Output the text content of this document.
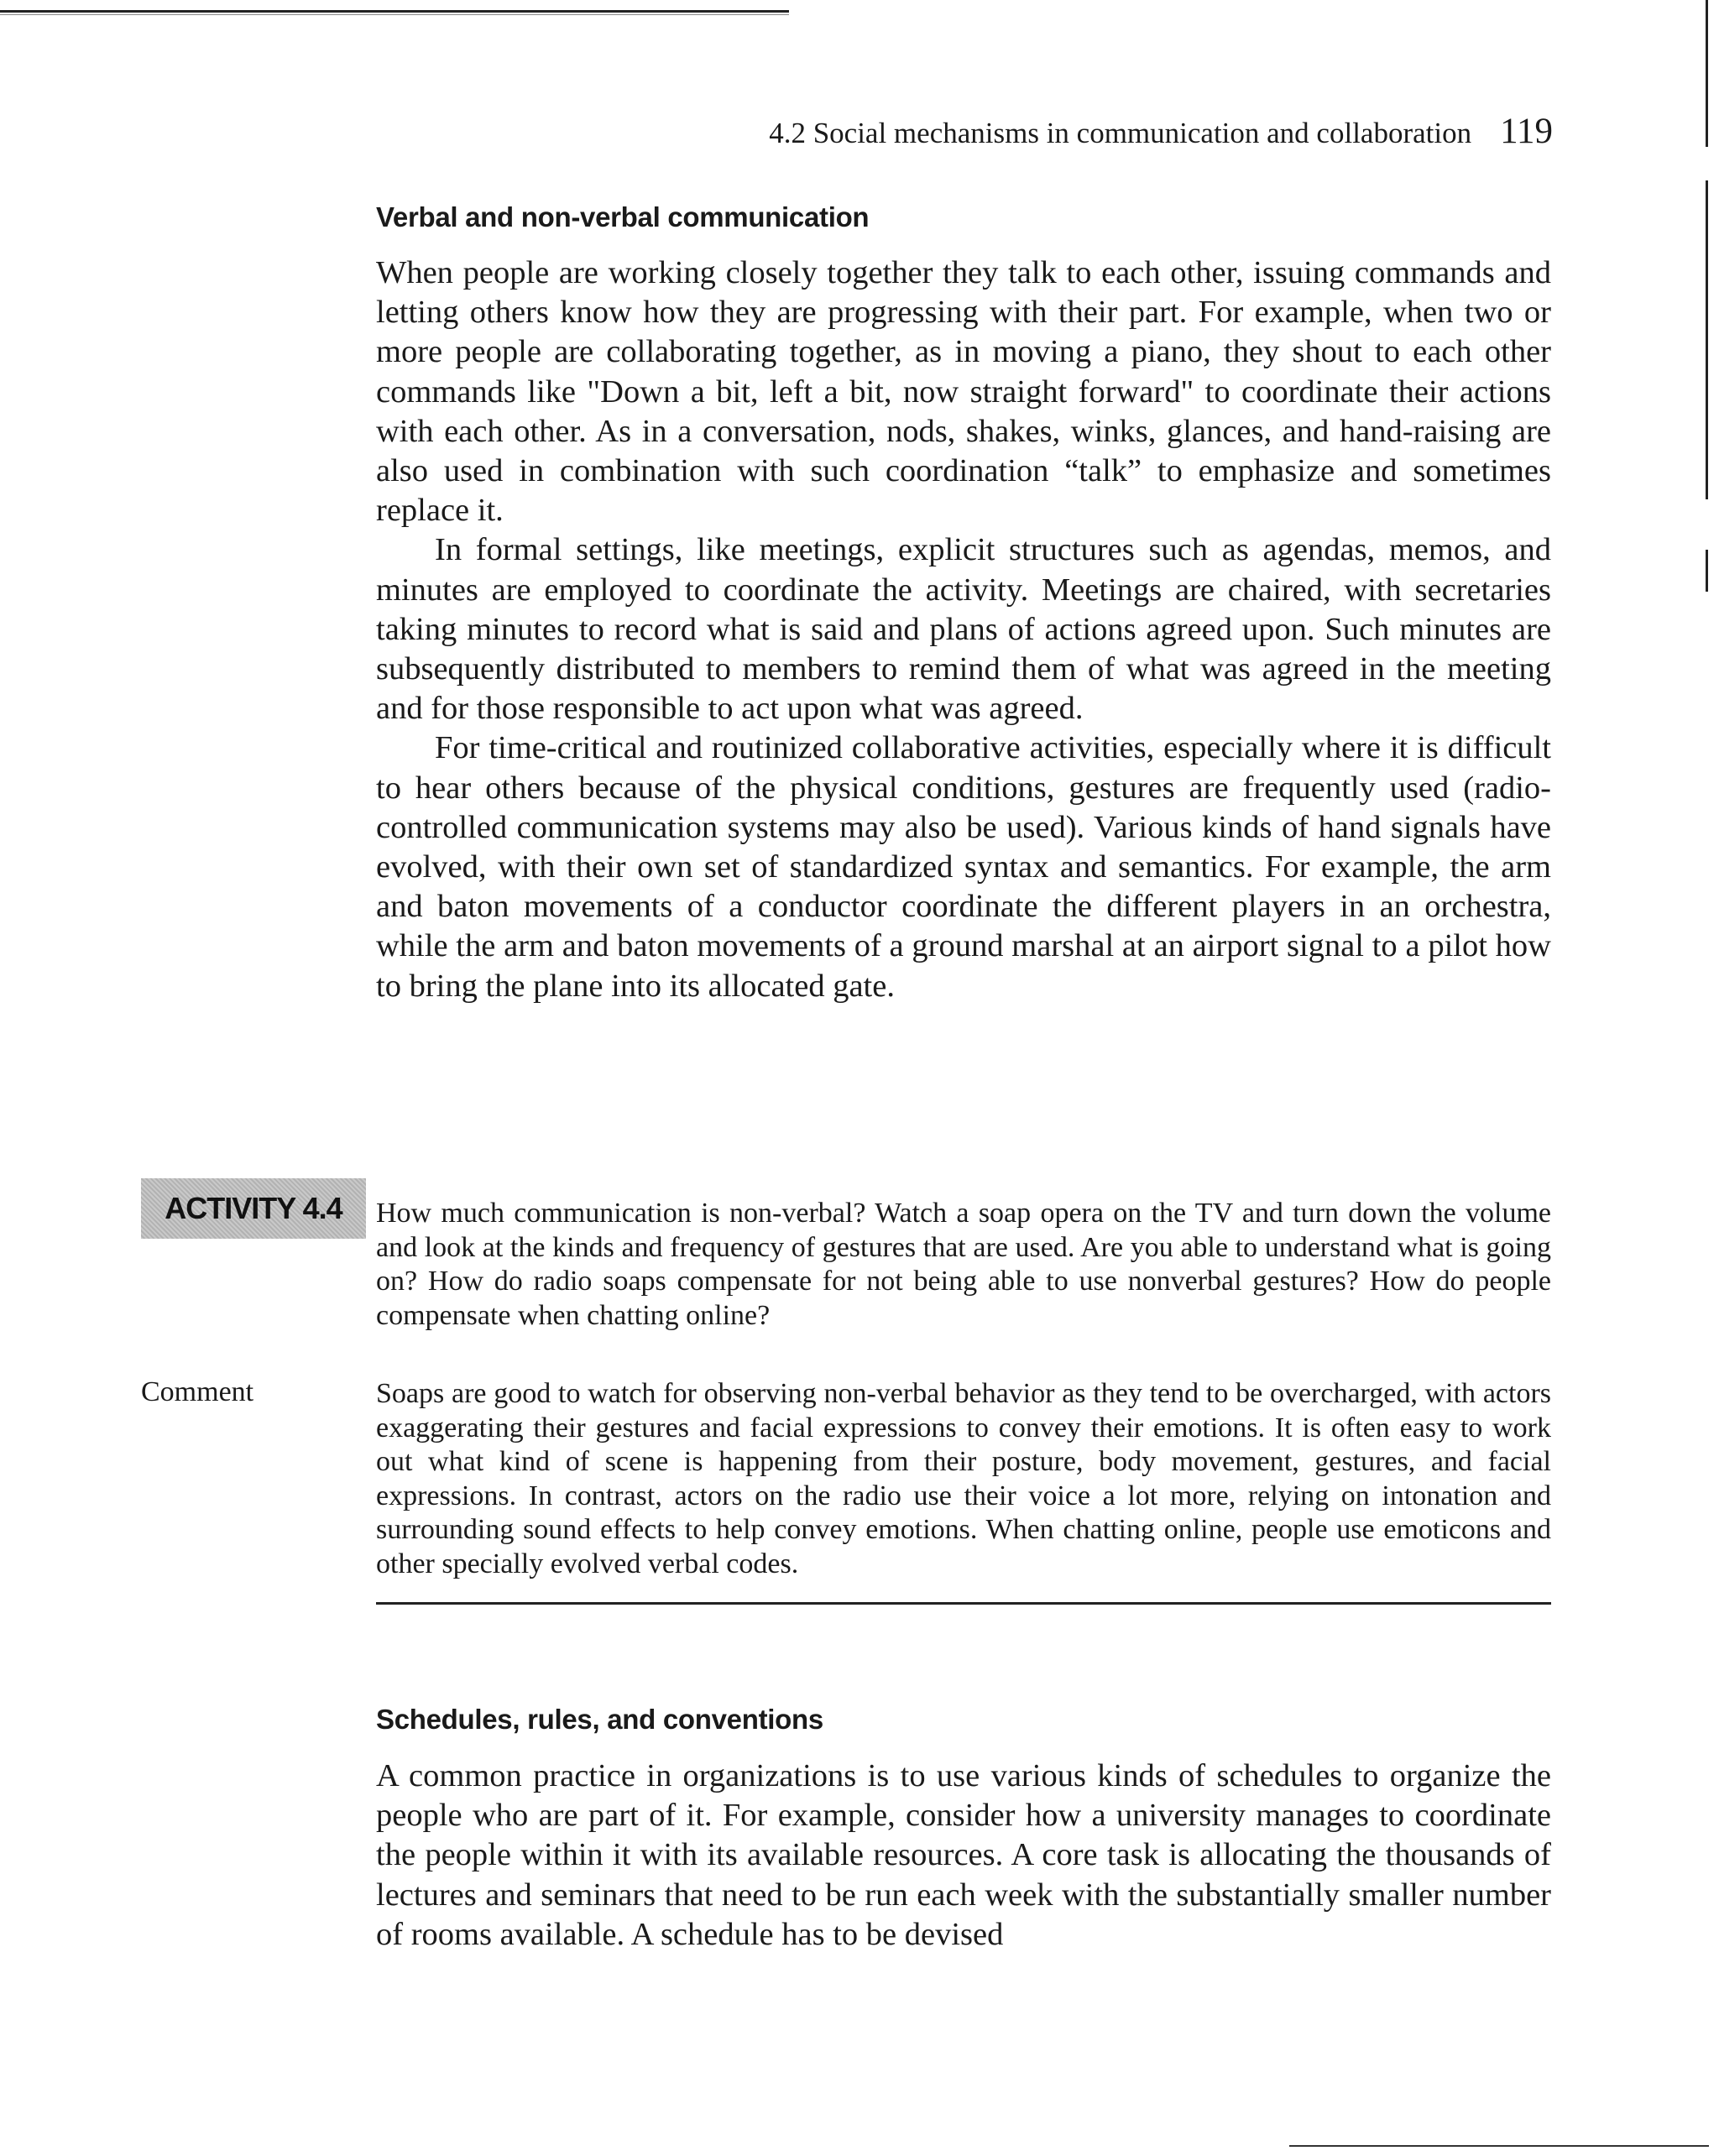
4.2 Social mechanisms in communication and collaboration 119
Verbal and non-verbal communication

When people are working closely together they talk to each other, issuing commands and letting others know how they are progressing with their part. For example, when two or more people are collaborating together, as in moving a piano, they shout to each other commands like "Down a bit, left a bit, now straight forward" to coordinate their actions with each other. As in a conversation, nods, shakes, winks, glances, and hand-raising are also used in combination with such coordination “talk” to emphasize and sometimes replace it.

In formal settings, like meetings, explicit structures such as agendas, memos, and minutes are employed to coordinate the activity. Meetings are chaired, with secretaries taking minutes to record what is said and plans of actions agreed upon. Such minutes are subsequently distributed to members to remind them of what was agreed in the meeting and for those responsible to act upon what was agreed.

For time-critical and routinized collaborative activities, especially where it is difficult to hear others because of the physical conditions, gestures are frequently used (radio-controlled communication systems may also be used). Various kinds of hand signals have evolved, with their own set of standardized syntax and semantics. For example, the arm and baton movements of a conductor coordinate the different players in an orchestra, while the arm and baton movements of a ground marshal at an airport signal to a pilot how to bring the plane into its allocated gate.

ACTIVITY 4.4	How much communication is non-verbal? Watch a soap opera on the TV and turn down the volume and look at the kinds and frequency of gestures that are used. Are you able to understand what is going on? How do radio soaps compensate for not being able to use nonverbal gestures? How do people compensate when chatting online?

Comment	Soaps are good to watch for observing non-verbal behavior as they tend to be overcharged, with actors exaggerating their gestures and facial expressions to convey their emotions. It is often easy to work out what kind of scene is happening from their posture, body movement, gestures, and facial expressions. In contrast, actors on the radio use their voice a lot more, relying on intonation and surrounding sound effects to help convey emotions. When chatting online, people use emoticons and other specially evolved verbal codes.

Schedules, rules, and conventions

A common practice in organizations is to use various kinds of schedules to organize the people who are part of it. For example, consider how a university manages to coordinate the people within it with its available resources. A core task is allocating the thousands of lectures and seminars that need to be run each week with the substantially smaller number of rooms available. A schedule has to be devised
